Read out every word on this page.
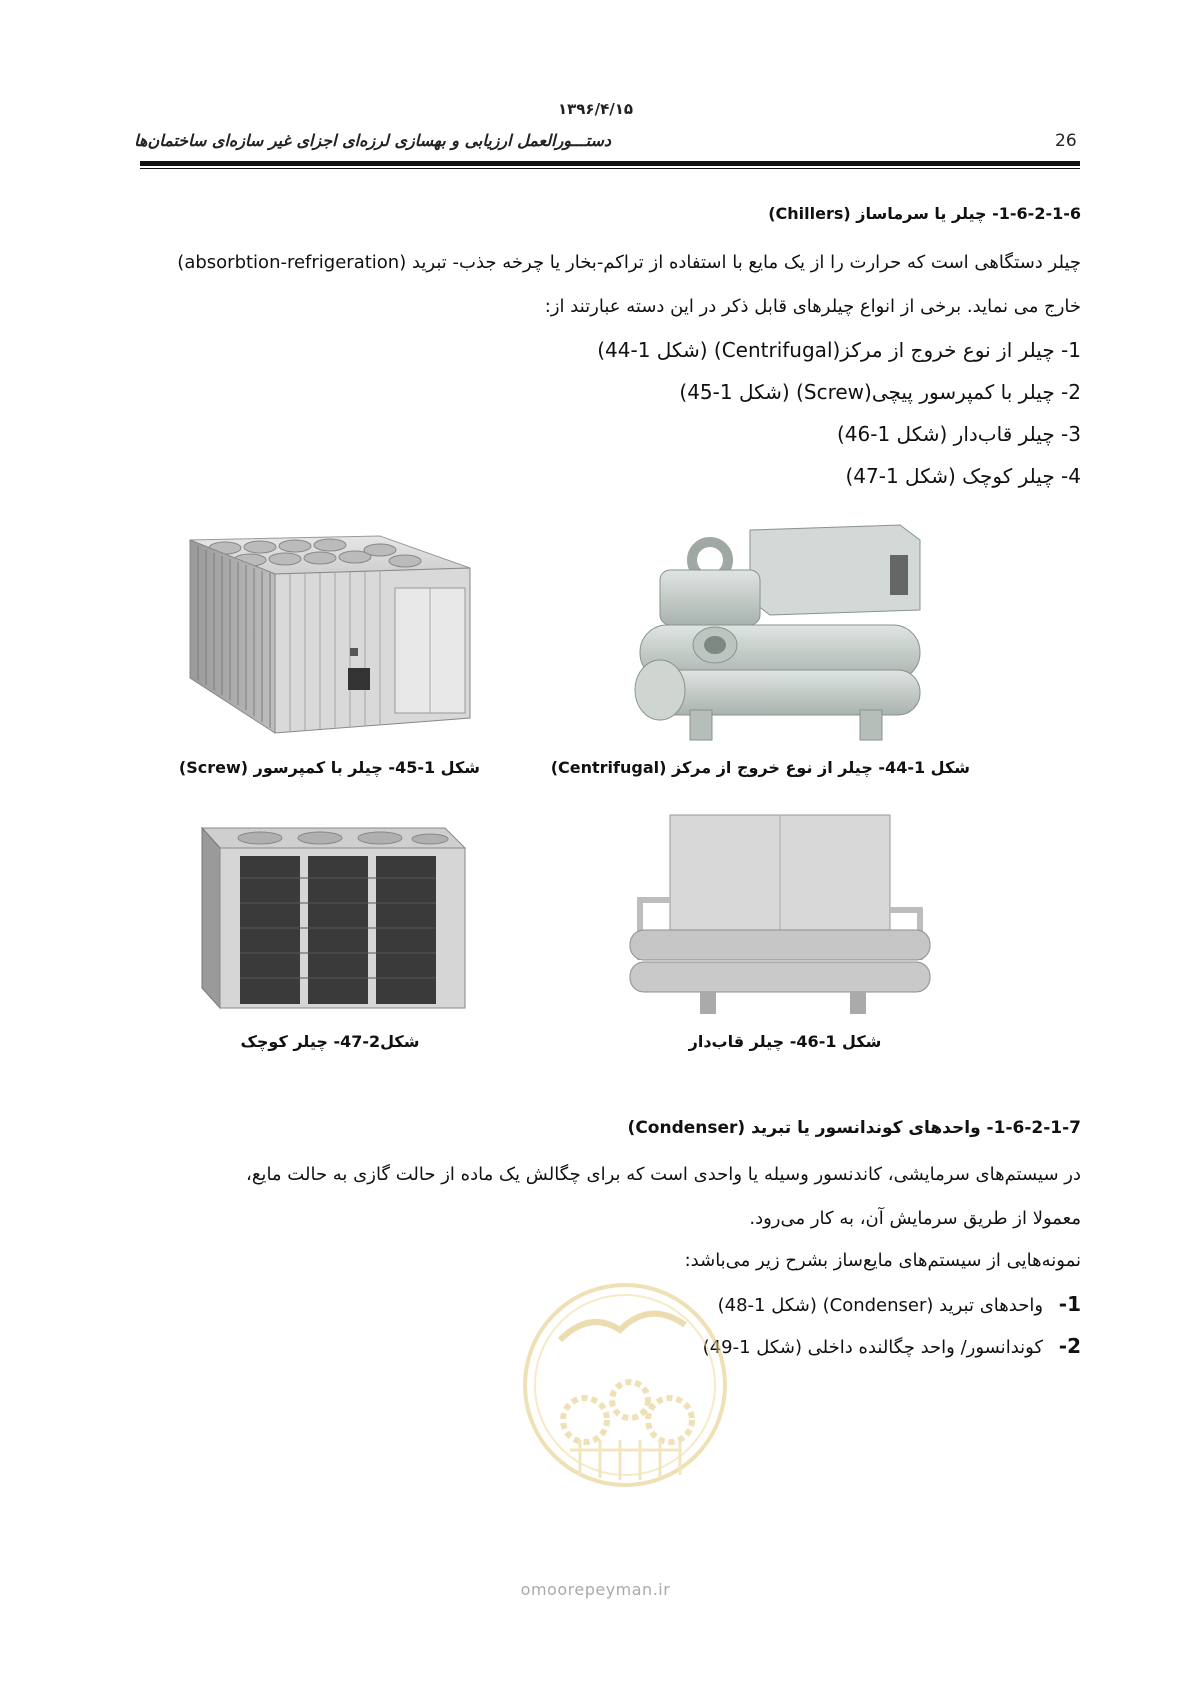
۱۳۹۶/۴/۱۵
26
دستـــورالعمل ارزیابی و بهسازی لرزه‌ای اجزای غیر سازه‌ای ساختمان‌ها
1-6-2-1-6- چیلر یا سرماساز (Chillers)
چیلر دستگاهی است که حرارت را از یک مایع با استفاده از تراکم-بخار یا چرخه جذب- تبرید (absorbtion-refrigeration)
خارج می نماید. برخی از انواع چیلرهای قابل ذکر در این دسته عبارتند از:
1- چیلر از نوع خروج از مرکز(Centrifugal) (شکل 1-44)
2- چیلر با کمپرسور پیچی(Screw) (شکل 1-45)
3- چیلر قاب‌دار (شکل 1-46)
4- چیلر کوچک (شکل 1-47)
شکل 1-45- چیلر با کمپرسور (Screw)	شکل 1-44- چیلر از نوع خروج از مرکز (Centrifugal)
شکل2-47- چیلر کوچک	شکل 1-46- چیلر قاب‌دار
1-6-2-1-7- واحدهای کوندانسور یا تبرید (Condenser)
در سیستم‌های سرمایشی، کاندنسور وسیله یا واحدی است که برای چگالش یک ماده از حالت گازی به حالت مایع،
معمولا از طریق سرمایش آن، به کار می‌رود.
نمونه‌هایی از سیستم‌های مایع‌ساز بشرح زیر می‌باشد:
1- واحدهای تبرید (Condenser) (شکل 1-48)
2- کوندانسور/ واحد چگالنده داخلی (شکل 1-49)
omoorepeyman.ir
